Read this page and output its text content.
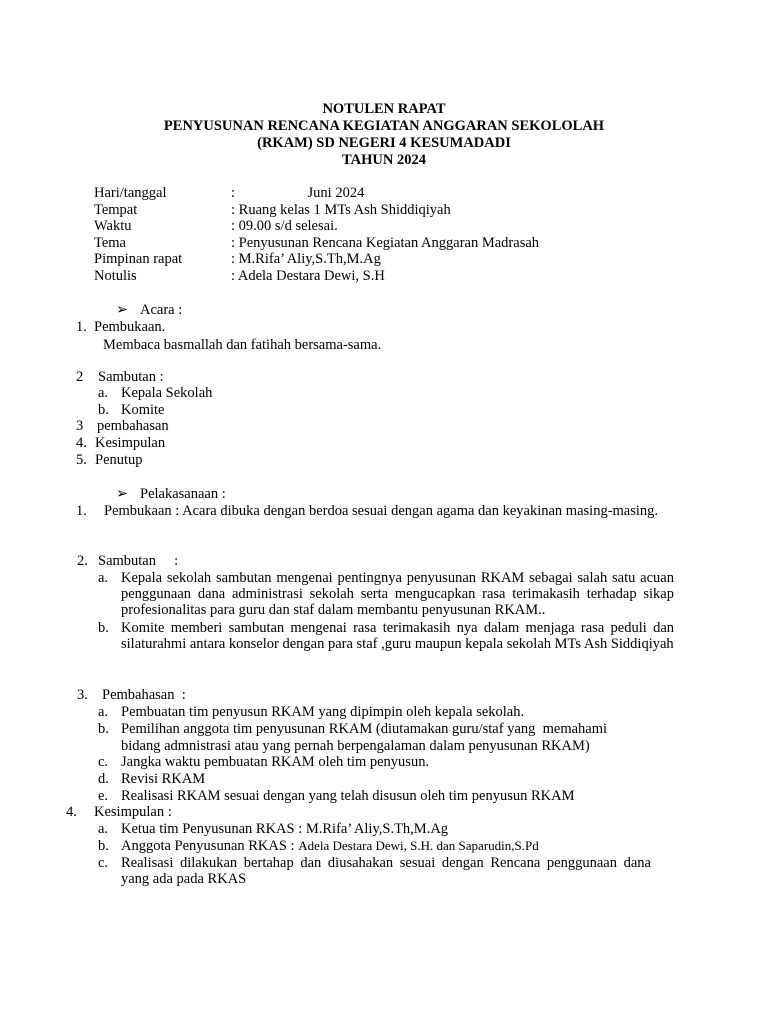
NOTULEN RAPAT
PENYUSUNAN RENCANA KEGIATAN ANGGARAN SEKOLOLAH
(RKAM) SD NEGERI 4 KESUMADADI
TAHUN 2024
Hari/tanggal	:                    Juni 2024
Tempat	: Ruang kelas 1 MTs Ash Shiddiqiyah
Waktu	: 09.00 s/d selesai.
Tema	: Penyusunan Rencana Kegiatan Anggaran Madrasah
Pimpinan rapat	: M.Rifa’ Aliy,S.Th,M.Ag
Notulis	: Adela Destara Dewi, S.H
➢ Acara :
1. Pembukaan.
Membaca basmallah dan fatihah bersama-sama.
2 Sambutan :
a. Kepala Sekolah
b. Komite
3 pembahasan
4. Kesimpulan
5. Penutup
➢ Pelakasanaan :
1.	Pembukaan : Acara dibuka dengan berdoa sesuai dengan agama dan keyakinan masing-masing.
2. Sambutan     :
a. Kepala sekolah sambutan mengenai pentingnya penyusunan RKAM sebagai salah satu acuan penggunaan dana administrasi sekolah serta mengucapkan rasa terimakasih terhadap sikap profesionalitas para guru dan staf dalam membantu penyusunan RKAM..
b. Komite memberi sambutan mengenai rasa terimakasih nya dalam menjaga rasa peduli dan silaturahmi antara konselor dengan para staf ,guru maupun kepala sekolah MTs Ash Siddiqiyah
3. Pembahasan  :
a. Pembuatan tim penyusun RKAM yang dipimpin oleh kepala sekolah.
b. Pemilihan anggota tim penyusunan RKAM (diutamakan guru/staf yang  memahami
bidang admnistrasi atau yang pernah berpengalaman dalam penyusunan RKAM)
c. Jangka waktu pembuatan RKAM oleh tim penyusun.
d. Revisi RKAM
e. Realisasi RKAM sesuai dengan yang telah disusun oleh tim penyusun RKAM
4. Kesimpulan :
a. Ketua tim Penyusunan RKAS : M.Rifa’ Aliy,S.Th,M.Ag
b. Anggota Penyusunan RKAS : Adela Destara Dewi, S.H. dan Saparudin,S.Pd
c. Realisasi dilakukan bertahap dan diusahakan sesuai dengan Rencana penggunaan dana yang ada pada RKAS
